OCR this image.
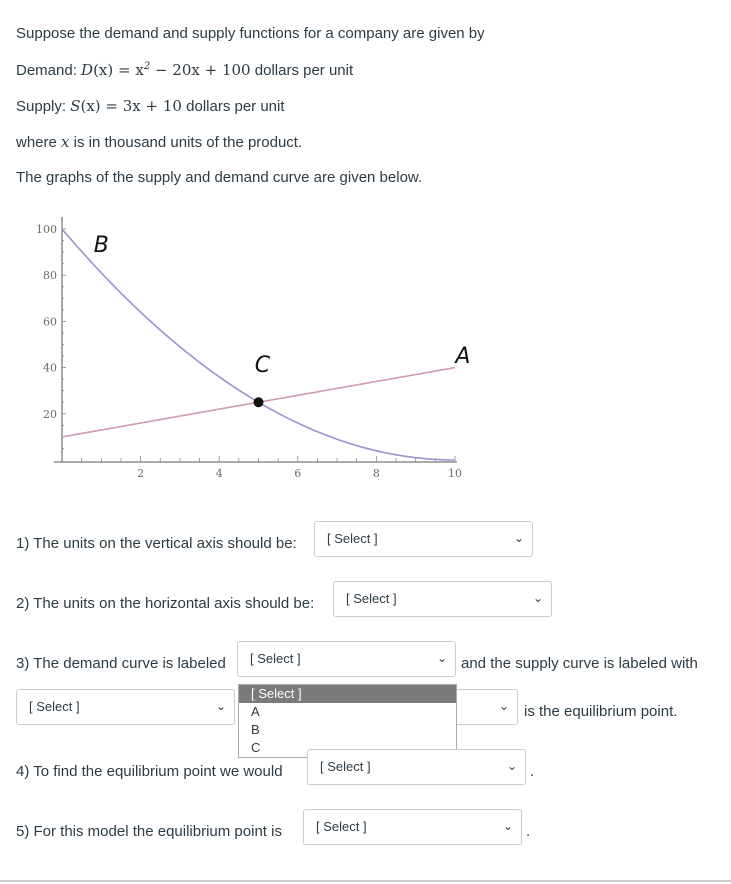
Suppose the demand and supply functions for a company are given by
Demand: $D(x) = x^2 - 20x + 100$ dollars per unit
Supply: S(x) = 3x + 10 dollars per unit
where x is in thousand units of the product.
The graphs of the supply and demand curve are given below.
2	4	6	8	10
20
40
60
80
100
B
C	A
1) The units on the vertical axis should be:	[ Select ]	⌄
2) The units on the horizontal axis should be:	[ Select ]	⌄
3) The demand curve is labeled	[ Select ]	⌄ and the supply curve is labeled with
[ Select ]	⌄	⌄ is the equilibrium point.
[ Select ]
A
B
C
4) To find the equilibrium point we would	[ Select ]	⌄ .
5) For this model the equilibrium point is	[ Select ]	⌄ .
